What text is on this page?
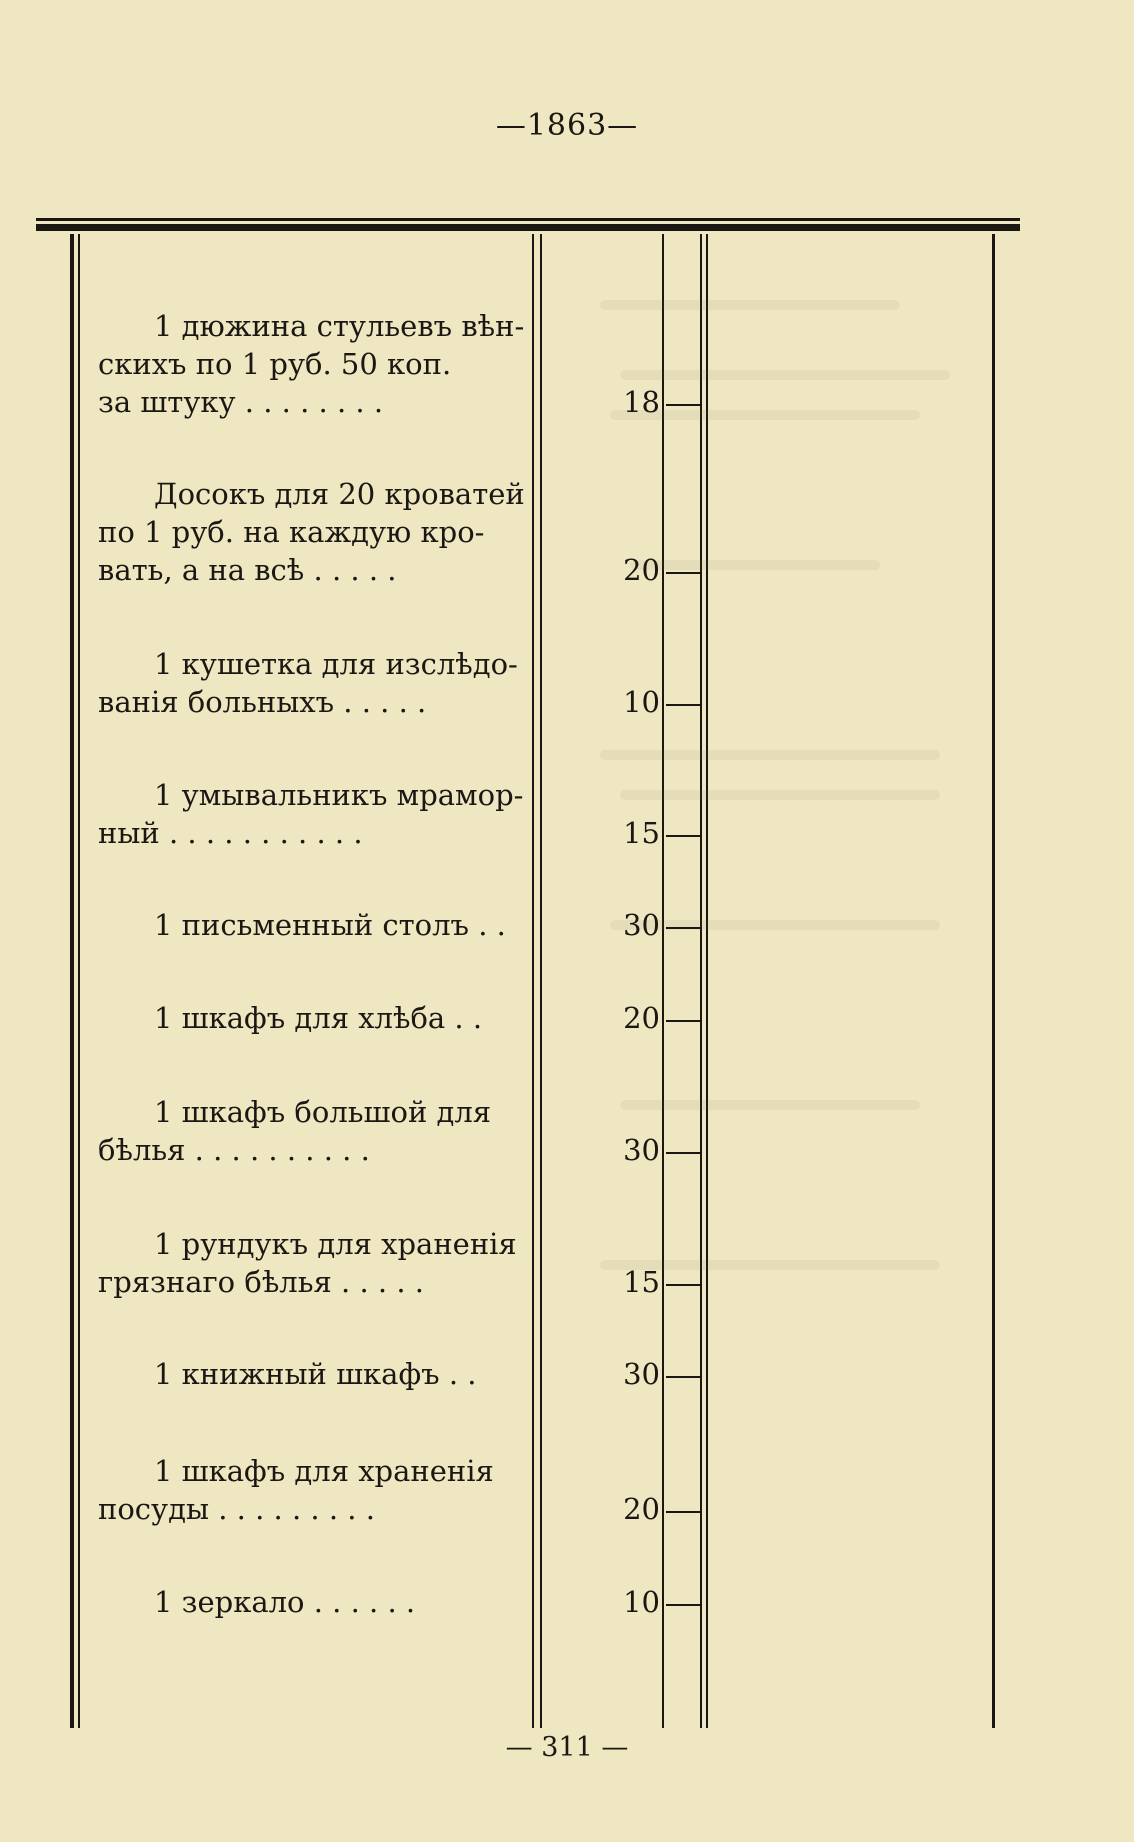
—1863—
1 дюжина стульевъ вѣн-
скихъ по 1 руб. 50 коп.
за штуку . . . . . . . .	18
Досокъ для 20 кроватей
по 1 руб. на каждую кро-
вать, а на всѣ . . . . .	20
1 кушетка для изслѣдо-
ванія больныхъ . . . . .	10
1 умывальникъ мрамор-
ный . . . . . . . . . . .	15
1 письменный столъ . .	30
1 шкафъ для хлѣба . .	20
1 шкафъ большой для
бѣлья . . . . . . . . . .	30
1 рундукъ для храненія
грязнаго бѣлья . . . . .	15
1 книжный шкафъ . .	30
1 шкафъ для храненія
посуды . . . . . . . . .	20
1 зеркало . . . . . .	10
— 311 —
